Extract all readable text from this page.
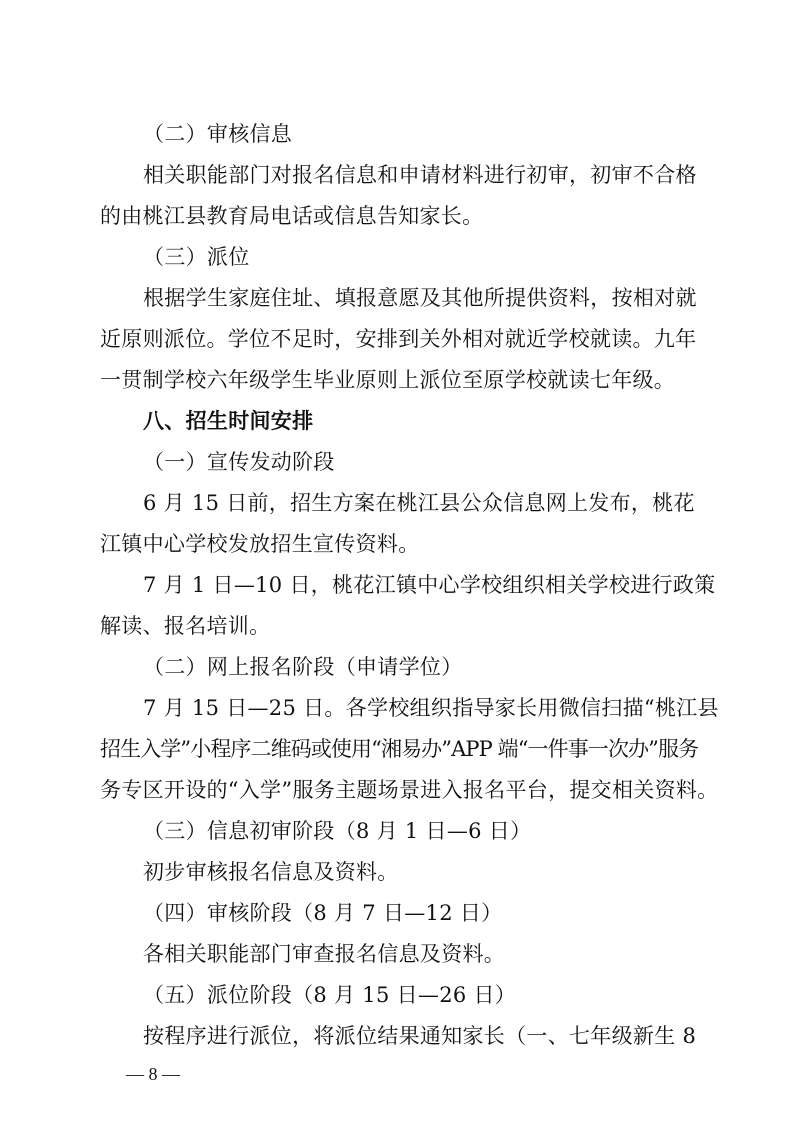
（二）审核信息
相关职能部门对报名信息和申请材料进行初审，初审不合格
的由桃江县教育局电话或信息告知家长。
（三）派位
根据学生家庭住址、填报意愿及其他所提供资料，按相对就
近原则派位。学位不足时，安排到关外相对就近学校就读。九年
一贯制学校六年级学生毕业原则上派位至原学校就读七年级。
八、招生时间安排
（一）宣传发动阶段
6 月 15 日前，招生方案在桃江县公众信息网上发布，桃花
江镇中心学校发放招生宣传资料。
7 月 1 日—10 日，桃花江镇中心学校组织相关学校进行政策
解读、报名培训。
（二）网上报名阶段（申请学位）
7 月 15 日—25 日。各学校组织指导家长用微信扫描“桃江县
招生入学”小程序二维码或使用“湘易办”APP 端“一件事一次办”服务
务专区开设的“入学”服务主题场景进入报名平台，提交相关资料。
（三）信息初审阶段（8 月 1 日—6 日）
初步审核报名信息及资料。
（四）审核阶段（8 月 7 日—12 日）
各相关职能部门审查报名信息及资料。
（五）派位阶段（8 月 15 日—26 日）
按程序进行派位，将派位结果通知家长（一、七年级新生 8
— 8 —
